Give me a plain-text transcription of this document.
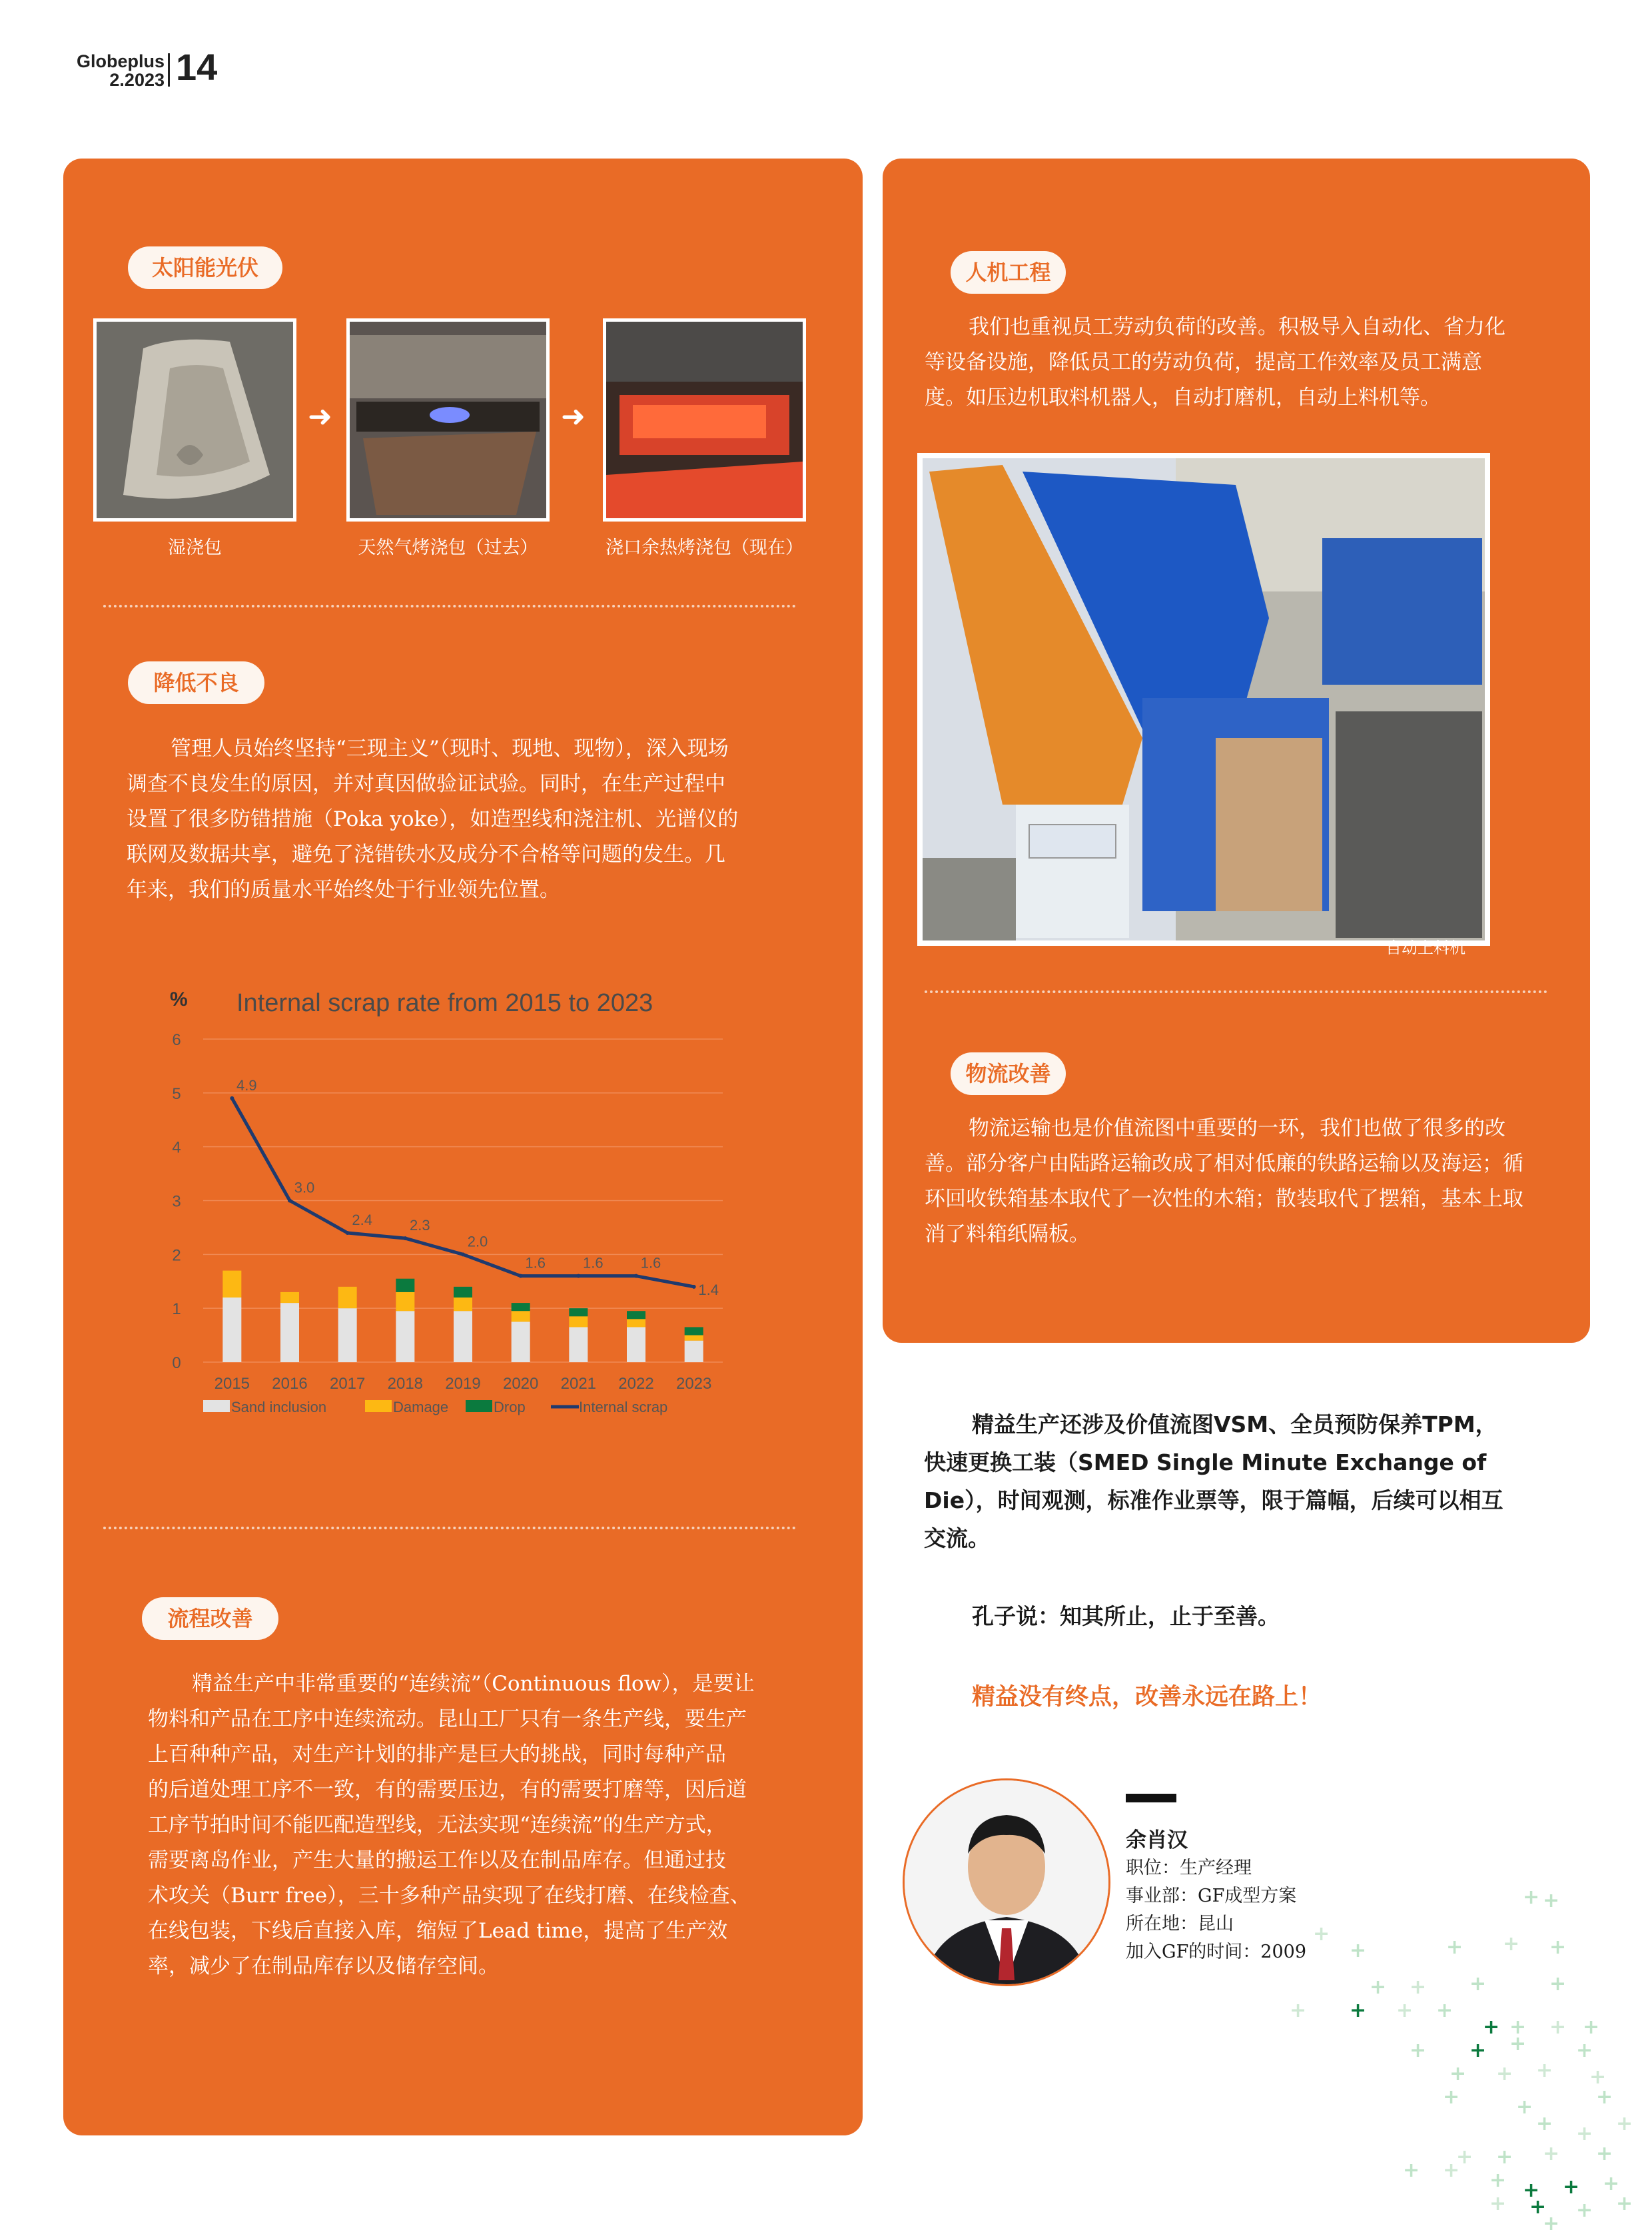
Globeplus
2.2023 14
太阳能光伏
➜	➜
湿浇包	天然气烤浇包（过去）	浇口余热烤浇包（现在）
降低不良
管理人员始终坚持“三现主义”（现时、现地、现物），深入现场
调查不良发生的原因，并对真因做验证试验。同时，在生产过程中
设置了很多防错措施（Poka yoke），如造型线和浇注机、光谱仪的
联网及数据共享，避免了浇错铁水及成分不合格等问题的发生。几
年来，我们的质量水平始终处于行业领先位置。
% Internal scrap rate from 2015 to 2023
0
1
2
3
4
5
6
2015 2016 2017 2018 2019 2020 2021 2022 2023
4.9
3.0
2.4	2.3
2.0
1.6	1.6	1.6
1.4
Sand inclusion	Damage	Drop	Internal scrap
流程改善
精益生产中非常重要的“连续流”（Continuous flow），是要让
物料和产品在工序中连续流动。昆山工厂只有一条生产线，要生产
上百种种产品，对生产计划的排产是巨大的挑战，同时每种产品
的后道处理工序不一致，有的需要压边，有的需要打磨等，因后道
工序节拍时间不能匹配造型线，无法实现“连续流”的生产方式，
需要离岛作业，产生大量的搬运工作以及在制品库存。但通过技
术攻关（Burr free），三十多种产品实现了在线打磨、在线检查、
在线包装，下线后直接入库，缩短了Lead time，提高了生产效
率，减少了在制品库存以及储存空间。
人机工程
我们也重视员工劳动负荷的改善。积极导入自动化、省力化
等设备设施，降低员工的劳动负荷，提高工作效率及员工满意
度。如压边机取料机器人，自动打磨机，自动上料机等。
自动上料机
物流改善
物流运输也是价值流图中重要的一环，我们也做了很多的改
善。部分客户由陆路运输改成了相对低廉的铁路运输以及海运；循
环回收铁箱基本取代了一次性的木箱；散装取代了摆箱，基本上取
消了料箱纸隔板。
精益生产还涉及价值流图VSM、全员预防保养TPM，
快速更换工装（SMED Single Minute Exchange of
Die），时间观测，标准作业票等，限于篇幅，后续可以相互
交流。
孔子说：知其所止，止于至善。
精益没有终点，改善永远在路上！
余肖汉
职位：生产经理
事业部：GF成型方案
所在地：昆山
加入GF的时间：2009
+ +
+
+	+ + +
+ + +	+
+ + + +
+ + + +
+ + + +
+ + + +
+	+	+
+	+
+
+ + + +
+ + + + + +
+ + + +
+
